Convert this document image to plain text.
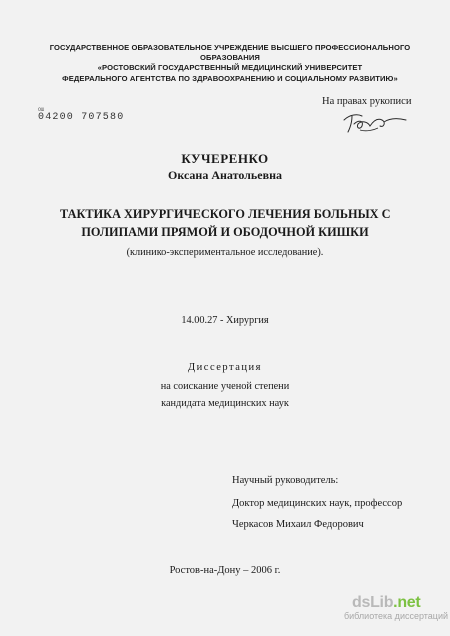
ГОСУДАРСТВЕННОЕ ОБРАЗОВАТЕЛЬНОЕ УЧРЕЖДЕНИЕ ВЫСШЕГО ПРОФЕССИОНАЛЬНОГО
ОБРАЗОВАНИЯ
«РОСТОВСКИЙ ГОСУДАРСТВЕННЫЙ МЕДИЦИНСКИЙ УНИВЕРСИТЕТ
ФЕДЕРАЛЬНОГО АГЕНТСТВА ПО ЗДРАВООХРАНЕНИЮ И СОЦИАЛЬНОМУ РАЗВИТИЮ»
На правах рукописи
ОШ
04200 707580
КУЧЕРЕНКО
Оксана Анатольевна
ТАКТИКА ХИРУРГИЧЕСКОГО ЛЕЧЕНИЯ БОЛЬНЫХ С
ПОЛИПАМИ ПРЯМОЙ И ОБОДОЧНОЙ КИШКИ
(клинико-экспериментальное исследование).
14.00.27 - Хирургия
Диссертация
на соискание ученой степени
кандидата медицинских наук
Научный руководитель:
Доктор медицинских наук, профессор
Черкасов Михаил Федорович
Ростов-на-Дону – 2006 г.
dsLib.net
библиотека диссертаций
